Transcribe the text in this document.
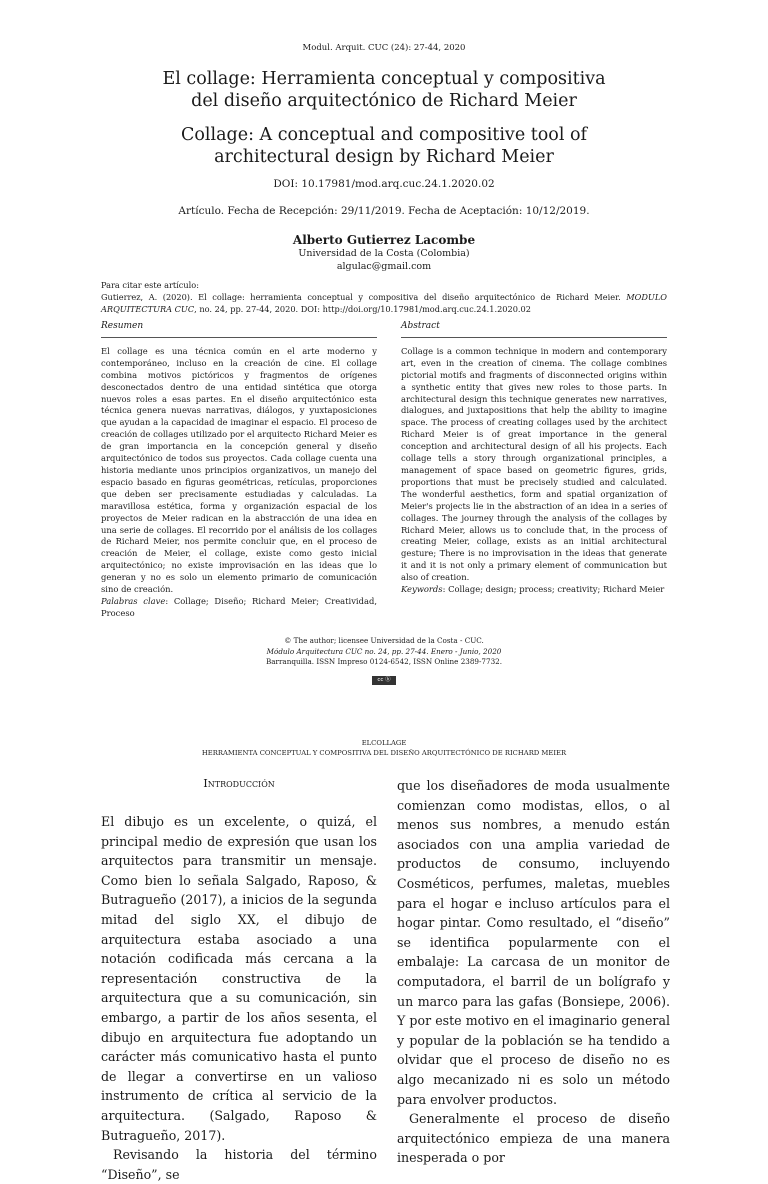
Modul. Arquit. CUC (24): 27-44, 2020
El collage: Herramienta conceptual y compositiva
del diseño arquitectónico de Richard Meier
Collage: A conceptual and compositive tool of
architectural design by Richard Meier
DOI: 10.17981/mod.arq.cuc.24.1.2020.02
Artículo. Fecha de Recepción: 29/11/2019. Fecha de Aceptación: 10/12/2019.
Alberto Gutierrez Lacombe
Universidad de la Costa (Colombia)
algulac@gmail.com
Para citar este artículo:
Gutierrez, A. (2020). El collage: herramienta conceptual y compositiva del diseño arquitectónico de Richard Meier. MODULO ARQUITECTURA CUC, no. 24, pp. 27-44, 2020. DOI: http://doi.org/10.17981/mod.arq.cuc.24.1.2020.02
Resumen

El collage es una técnica común en el arte moderno y contemporáneo, incluso en la creación de cine. El collage combina motivos pictóricos y fragmentos de orígenes desconectados dentro de una entidad sintética que otorga nuevos roles a esas partes. En el diseño arquitectónico esta técnica genera nuevas narrativas, diálogos, y yuxtaposiciones que ayudan a la capacidad de imaginar el espacio. El proceso de creación de collages utilizado por el arquitecto Richard Meier es de gran importancia en la concepción general y diseño arquitectónico de todos sus proyectos. Cada collage cuenta una historia mediante unos principios organizativos, un manejo del espacio basado en figuras geométricas, retículas, proporciones que deben ser precisamente estudiadas y calculadas. La maravillosa estética, forma y organización espacial de los proyectos de Meier radican en la abstracción de una idea en una serie de collages. El recorrido por el análisis de los collages de Richard Meier, nos permite concluir que, en el proceso de creación de Meier, el collage, existe como gesto inicial arquitectónico; no existe improvisación en las ideas que lo generan y no es solo un elemento primario de comunicación sino de creación.

Palabras clave: Collage; Diseño; Richard Meier; Creatividad, Proceso

Abstract

Collage is a common technique in modern and contemporary art, even in the creation of cinema. The collage combines pictorial motifs and fragments of disconnected origins within a synthetic entity that gives new roles to those parts. In architectural design this technique generates new narratives, dialogues, and juxtapositions that help the ability to imagine space. The process of creating collages used by the architect Richard Meier is of great importance in the general conception and architectural design of all his projects. Each collage tells a story through organizational principles, a management of space based on geometric figures, grids, proportions that must be precisely studied and calculated. The wonderful aesthetics, form and spatial organization of Meier's projects lie in the abstraction of an idea in a series of collages. The journey through the analysis of the collages by Richard Meier, allows us to conclude that, in the process of creating Meier, collage, exists as an initial architectural gesture; There is no improvisation in the ideas that generate it and it is not only a primary element of communication but also of creation.

Keywords: Collage; design; process; creativity; Richard Meier

© The author; licensee Universidad de la Costa - CUC.
Módulo Arquitectura CUC no. 24, pp. 27-44. Enero - Junio, 2020
Barranquilla. ISSN Impreso 0124-6542, ISSN Online 2389-7732.
cc ⓑ
ELCOLLAGE
HERRAMIENTA CONCEPTUAL Y COMPOSITIVA DEL DISEÑO ARQUITECTÓNICO DE RICHARD MEIER
Introducción

El dibujo es un excelente, o quizá, el principal medio de expresión que usan los arquitectos para transmitir un mensaje. Como bien lo señala Salgado, Raposo, & Butragueño (2017), a inicios de la segunda mitad del siglo XX, el dibujo de arquitectura estaba asociado a una notación codificada más cercana a la representación constructiva de la arquitectura que a su comunicación, sin embargo, a partir de los años sesenta, el dibujo en arquitectura fue adoptando un carácter más comunicativo hasta el punto de llegar a convertirse en un valioso instrumento de crítica al servicio de la arquitectura. (Salgado, Raposo & Butragueño, 2017).

Revisando la historia del término “Diseño”, se

que los diseñadores de moda usualmente comienzan como modistas, ellos, o al menos sus nombres, a menudo están asociados con una amplia variedad de productos de consumo, incluyendo Cosméticos, perfumes, maletas, muebles para el hogar e incluso artículos para el hogar pintar. Como resultado, el “diseño” se identifica popularmente con el embalaje: La carcasa de un monitor de computadora, el barril de un bolígrafo y un marco para las gafas (Bonsiepe, 2006). Y por este motivo en el imaginario general y popular de la población se ha tendido a olvidar que el proceso de diseño no es algo mecanizado ni es solo un método para envolver productos.

Generalmente el proceso de diseño arquitectónico empieza de una manera inesperada o por
